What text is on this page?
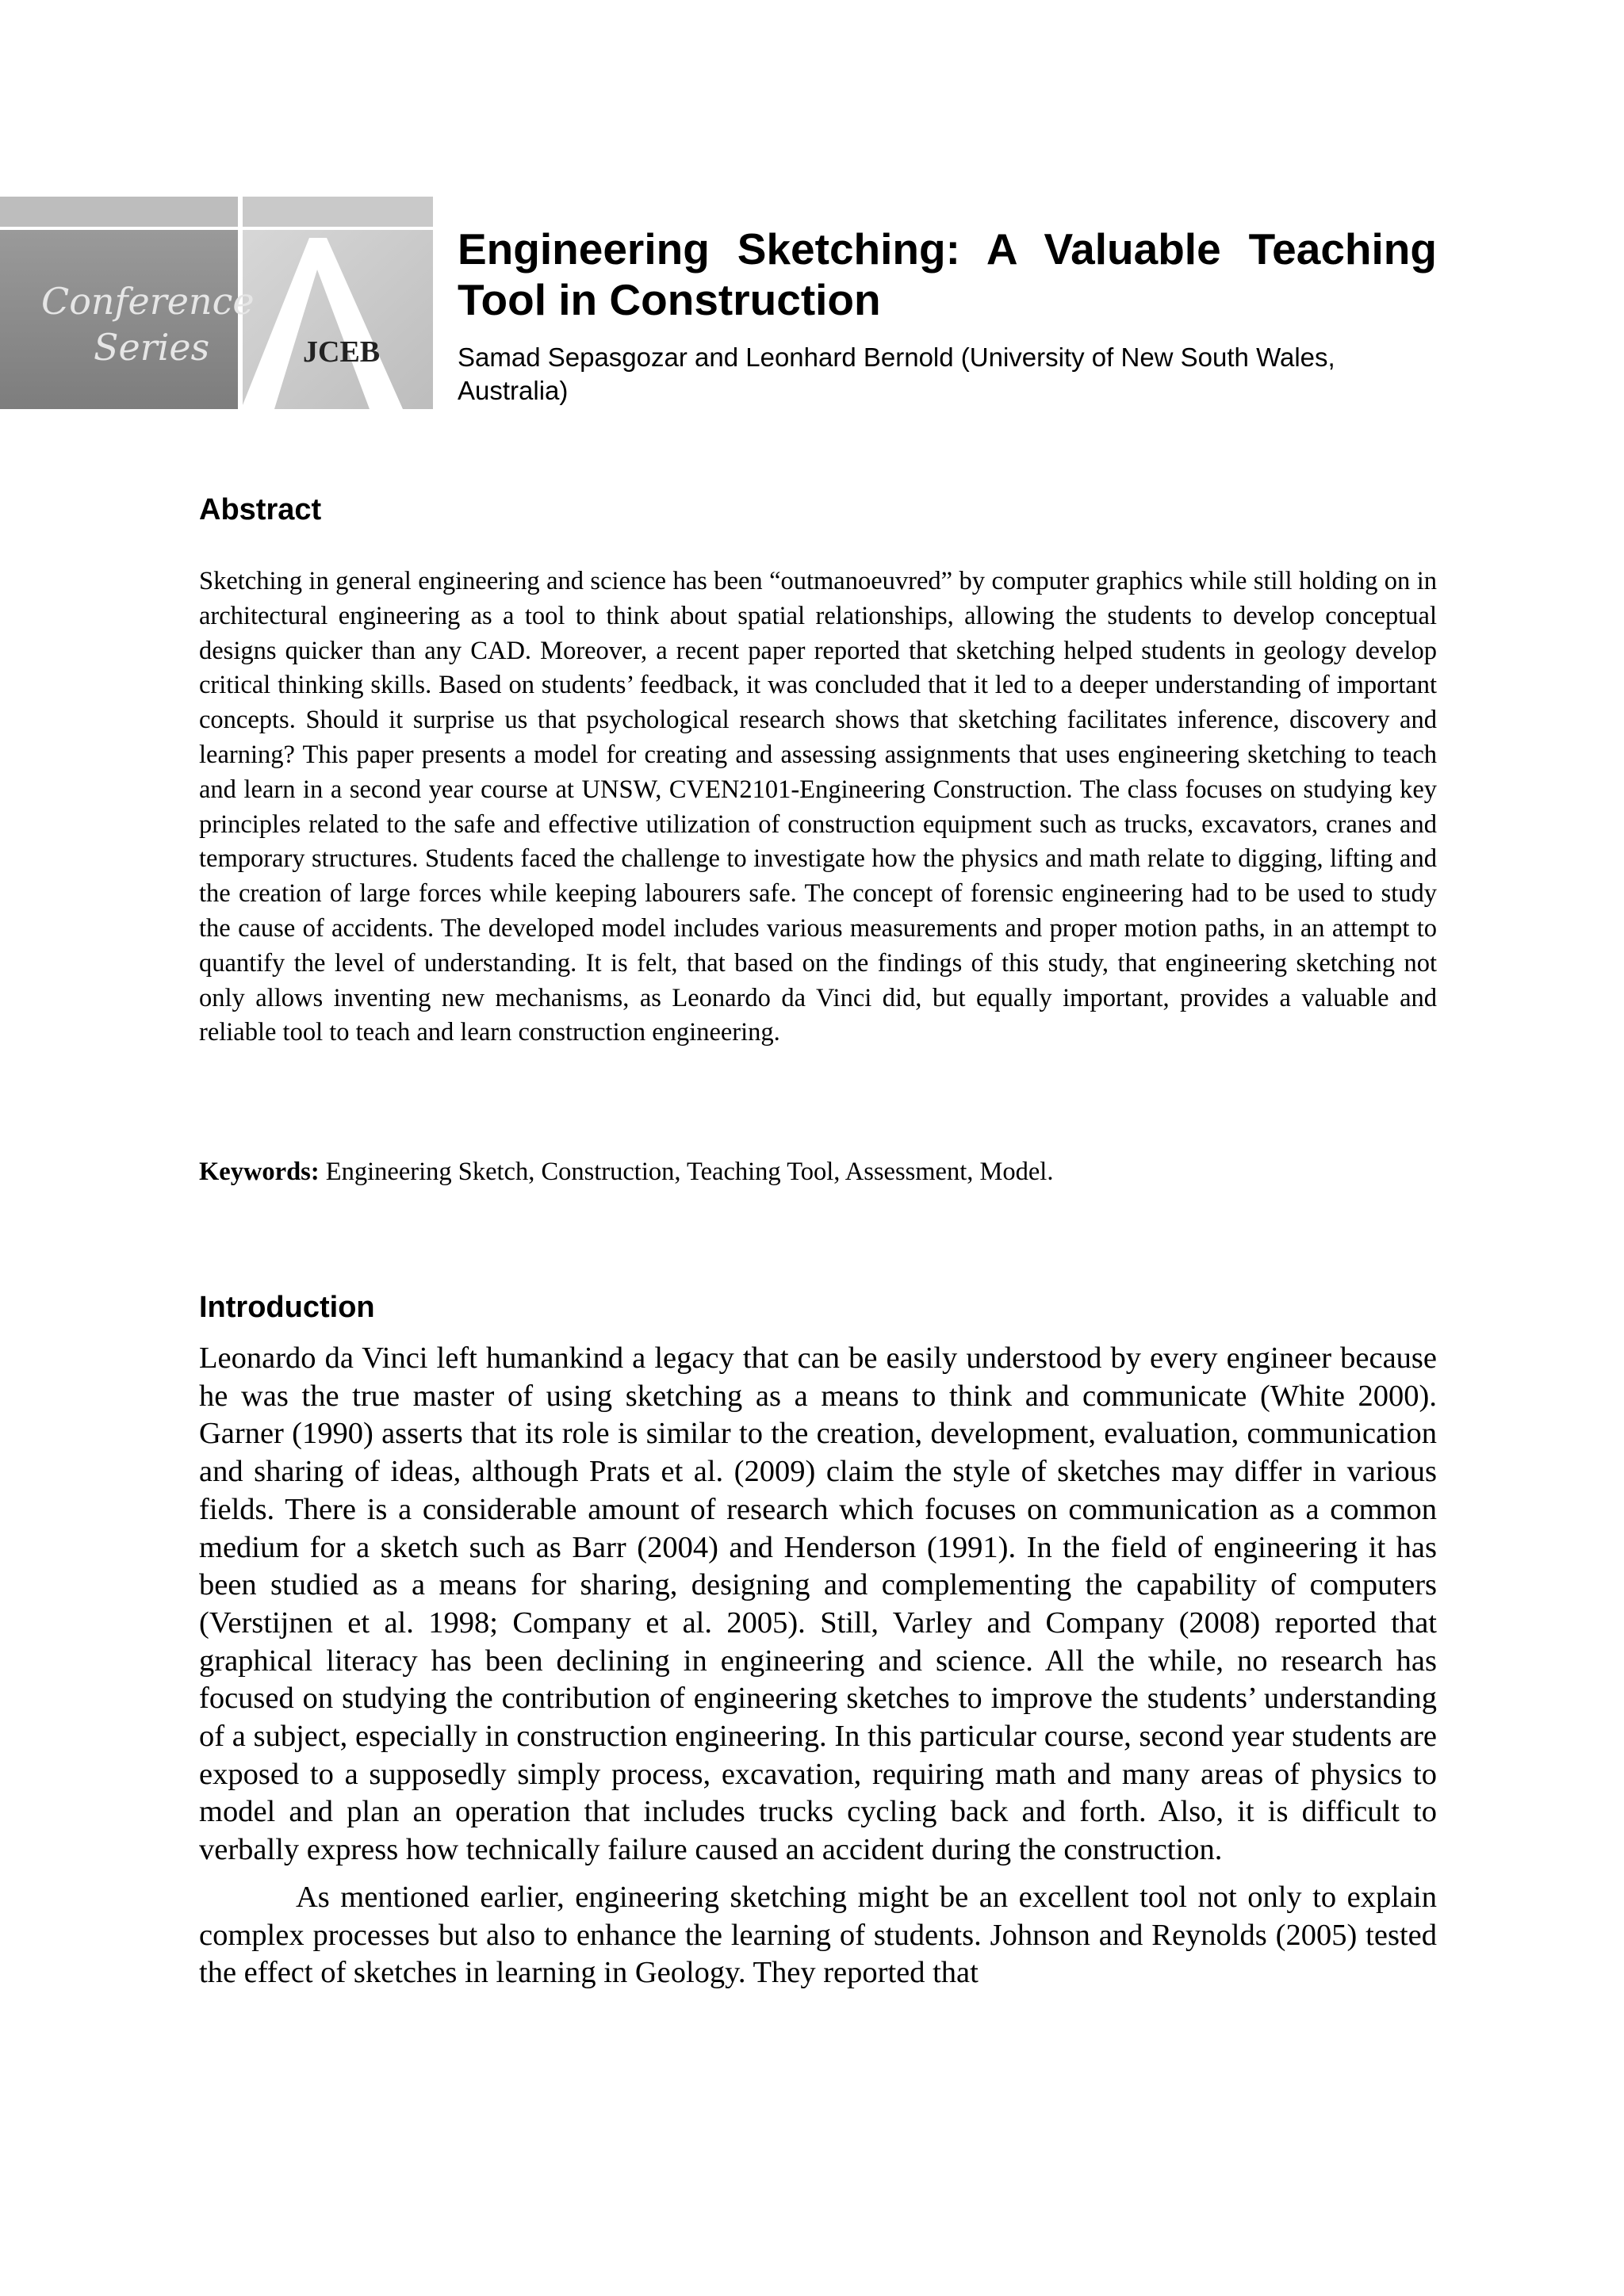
Conference
Series	JCEB
Engineering Sketching: A Valuable Teaching Tool in Construction

Samad Sepasgozar and Leonhard Bernold (University of New South Wales, Australia)

Abstract

Sketching in general engineering and science has been “outmanoeuvred” by computer graphics while still holding on in architectural engineering as a tool to think about spatial relationships, allowing the students to develop conceptual designs quicker than any CAD. Moreover, a recent paper reported that sketching helped students in geology develop critical thinking skills. Based on students’ feedback, it was concluded that it led to a deeper understanding of important concepts. Should it surprise us that psychological research shows that sketching facilitates inference, discovery and learning? This paper presents a model for creating and assessing assignments that uses engineering sketching to teach and learn in a second year course at UNSW, CVEN2101-Engineering Construction. The class focuses on studying key principles related to the safe and effective utilization of construction equipment such as trucks, excavators, cranes and temporary structures. Students faced the challenge to investigate how the physics and math relate to digging, lifting and the creation of large forces while keeping labourers safe. The concept of forensic engineering had to be used to study the cause of accidents. The developed model includes various measurements and proper motion paths, in an attempt to quantify the level of understanding. It is felt, that based on the findings of this study, that engineering sketching not only allows inventing new mechanisms, as Leonardo da Vinci did, but equally important, provides a valuable and reliable tool to teach and learn construction engineering.

Keywords: Engineering Sketch, Construction, Teaching Tool, Assessment, Model.

Introduction

Leonardo da Vinci left humankind a legacy that can be easily understood by every engineer because he was the true master of using sketching as a means to think and communicate (White 2000). Garner (1990) asserts that its role is similar to the creation, development, evaluation, communication and sharing of ideas, although Prats et al. (2009) claim the style of sketches may differ in various fields. There is a considerable amount of research which focuses on communication as a common medium for a sketch such as Barr (2004) and Henderson (1991). In the field of engineering it has been studied as a means for sharing, designing and complementing the capability of computers (Verstijnen et al. 1998; Company et al. 2005). Still, Varley and Company (2008) reported that graphical literacy has been declining in engineering and science. All the while, no research has focused on studying the contribution of engineering sketches to improve the students’ understanding of a subject, especially in construction engineering. In this particular course, second year students are exposed to a supposedly simply process, excavation, requiring math and many areas of physics to model and plan an operation that includes trucks cycling back and forth. Also, it is difficult to verbally express how technically failure caused an accident during the construction.

As mentioned earlier, engineering sketching might be an excellent tool not only to explain complex processes but also to enhance the learning of students. Johnson and Reynolds (2005) tested the effect of sketches in learning in Geology. They reported that
